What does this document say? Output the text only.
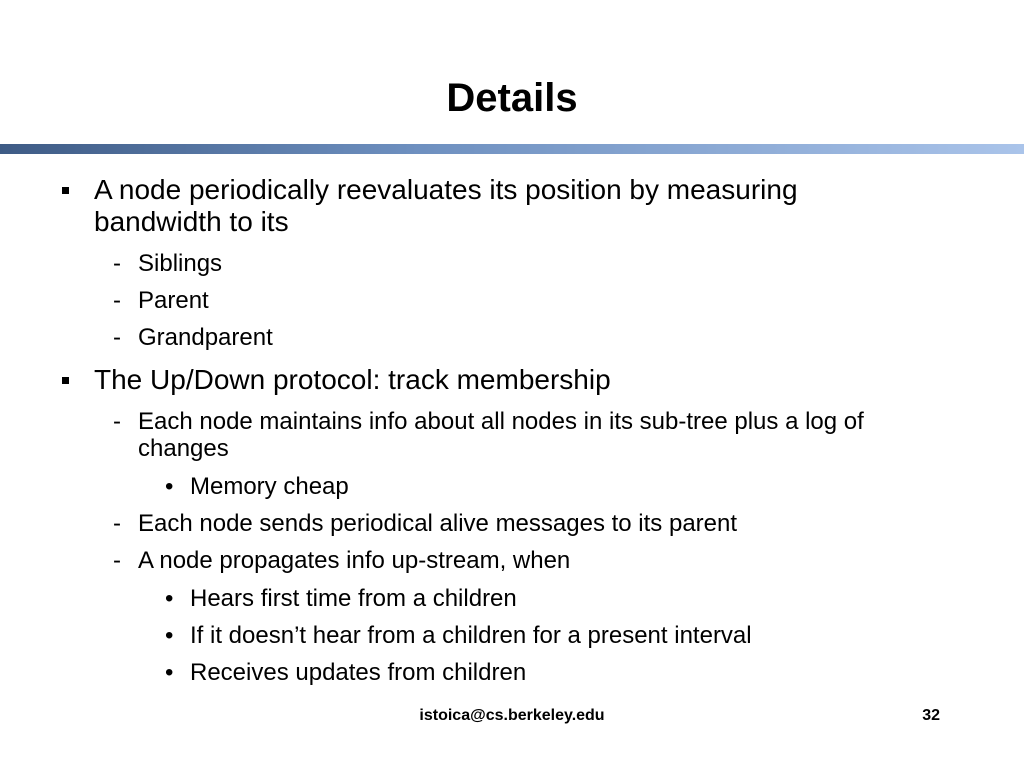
Details
A node periodically reevaluates its position by measuring bandwidth to its
- Siblings
- Parent
- Grandparent
The Up/Down protocol: track membership
- Each node maintains info about all nodes in its sub-tree plus a log of changes
• Memory cheap
- Each node sends periodical alive messages to its parent
- A node propagates info up-stream, when
• Hears first time from a children
• If it doesn’t hear from a children for a present interval
• Receives updates from children
istoica@cs.berkeley.edu	32
